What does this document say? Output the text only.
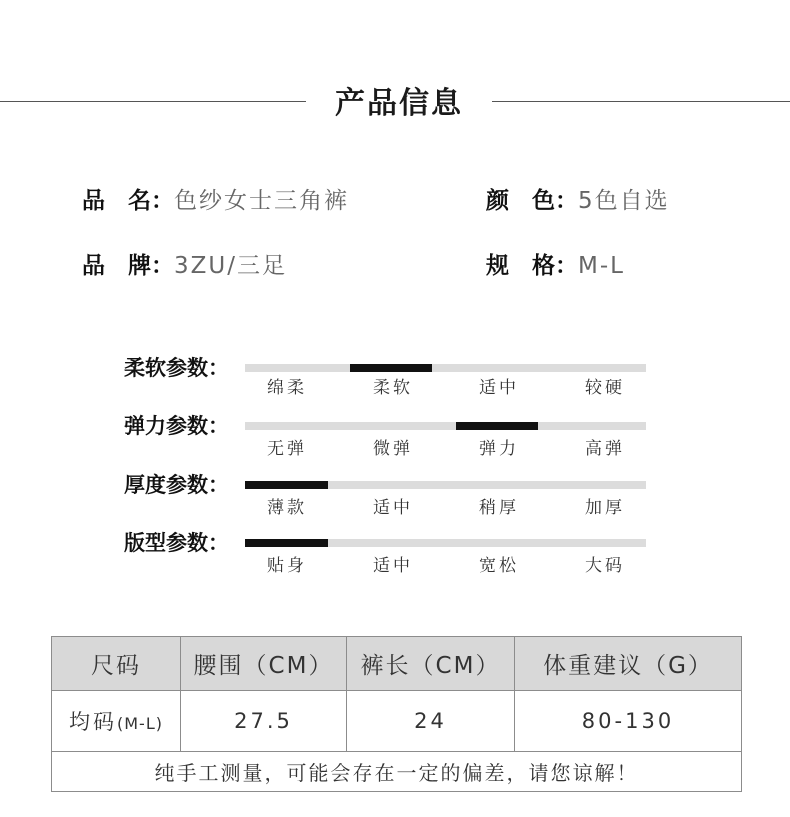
产品信息
品　名：色纱女士三角裤	颜　色：5色自选
品　牌：3ZU/三足	规　格：M-L
柔软参数：
绵柔	柔软	适中	较硬
弹力参数：
无弹	微弹	弹力	高弹
厚度参数：
薄款	适中	稍厚	加厚
版型参数：
贴身	适中	宽松	大码
尺码	腰围（CM）	裤长（CM）	体重建议（G）
均码(M-L)	27.5	24	80-130
纯手工测量，可能会存在一定的偏差，请您谅解！			
